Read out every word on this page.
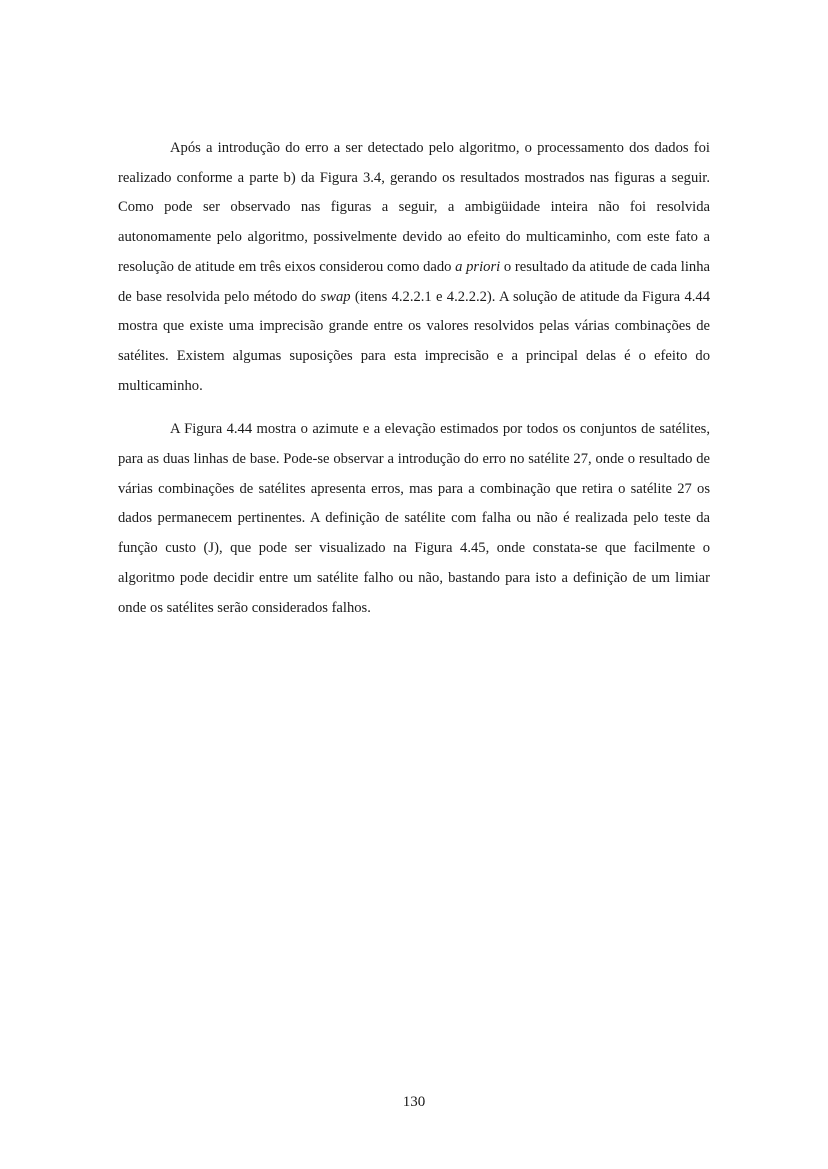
Após a introdução do erro a ser detectado pelo algoritmo, o processamento dos dados foi realizado conforme a parte b) da Figura 3.4, gerando os resultados mostrados nas figuras a seguir. Como pode ser observado nas figuras a seguir, a ambigüidade inteira não foi resolvida autonomamente pelo algoritmo, possivelmente devido ao efeito do multicaminho, com este fato a resolução de atitude em três eixos considerou como dado a priori o resultado da atitude de cada linha de base resolvida pelo método do swap (itens 4.2.2.1 e 4.2.2.2). A solução de atitude da Figura 4.44 mostra que existe uma imprecisão grande entre os valores resolvidos pelas várias combinações de satélites. Existem algumas suposições para esta imprecisão e a principal delas é o efeito do multicaminho.

A Figura 4.44 mostra o azimute e a elevação estimados por todos os conjuntos de satélites, para as duas linhas de base. Pode-se observar a introdução do erro no satélite 27, onde o resultado de várias combinações de satélites apresenta erros, mas para a combinação que retira o satélite 27 os dados permanecem pertinentes. A definição de satélite com falha ou não é realizada pelo teste da função custo (J), que pode ser visualizado na Figura 4.45, onde constata-se que facilmente o algoritmo pode decidir entre um satélite falho ou não, bastando para isto a definição de um limiar onde os satélites serão considerados falhos.

130
